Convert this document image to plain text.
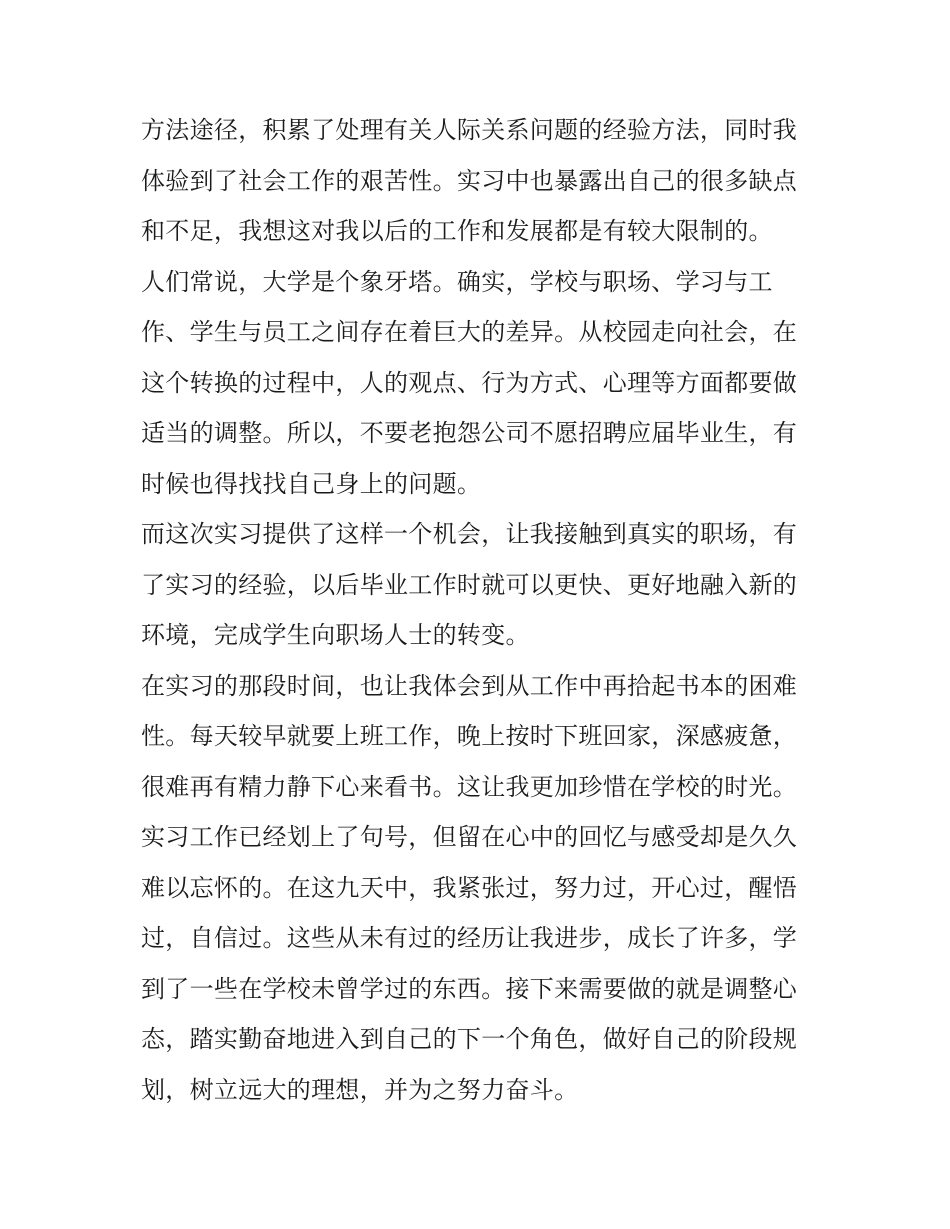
方法途径，积累了处理有关人际关系问题的经验方法，同时我
体验到了社会工作的艰苦性。实习中也暴露出自己的很多缺点
和不足，我想这对我以后的工作和发展都是有较大限制的。
人们常说，大学是个象牙塔。确实，学校与职场、学习与工
作、学生与员工之间存在着巨大的差异。从校园走向社会，在
这个转换的过程中，人的观点、行为方式、心理等方面都要做
适当的调整。所以，不要老抱怨公司不愿招聘应届毕业生，有
时候也得找找自己身上的问题。
而这次实习提供了这样一个机会，让我接触到真实的职场，有
了实习的经验，以后毕业工作时就可以更快、更好地融入新的
环境，完成学生向职场人士的转变。
在实习的那段时间，也让我体会到从工作中再拾起书本的困难
性。每天较早就要上班工作，晚上按时下班回家，深感疲惫，
很难再有精力静下心来看书。这让我更加珍惜在学校的时光。
实习工作已经划上了句号，但留在心中的回忆与感受却是久久
难以忘怀的。在这九天中，我紧张过，努力过，开心过，醒悟
过，自信过。这些从未有过的经历让我进步，成长了许多，学
到了一些在学校未曾学过的东西。接下来需要做的就是调整心
态，踏实勤奋地进入到自己的下一个角色，做好自己的阶段规
划，树立远大的理想，并为之努力奋斗。
